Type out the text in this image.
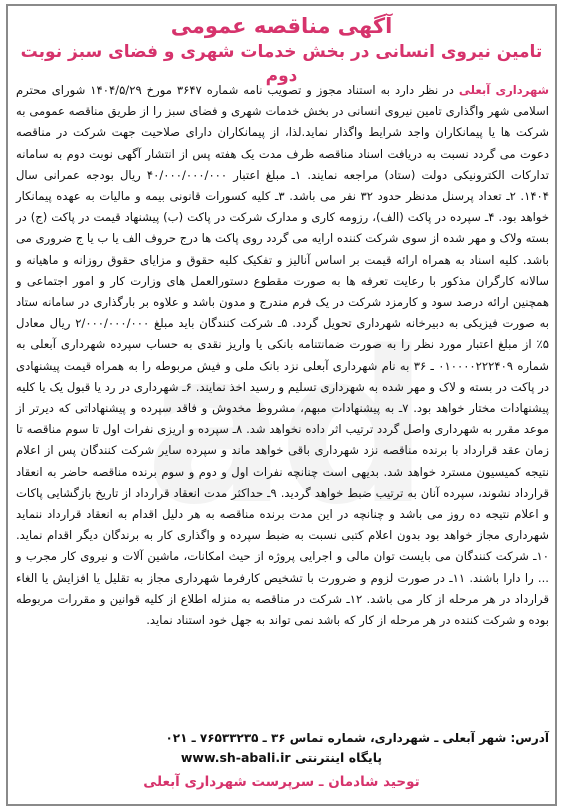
آگهی مناقصه عمومی
تامین نیروی انسانی در بخش خدمات شهری و فضای سبز نوبت دوم
شهرداری آبعلی در نظر دارد به استناد مجوز و تصویب نامه شماره ۳۶۴۷ مورخ ۱۴۰۴/۵/۲۹ شورای محترم اسلامی شهر واگذاری تامین نیروی انسانی در بخش خدمات شهری و فضای سبز را از طریق مناقصه عمومی به شرکت ها یا پیمانکاران واجد شرایط واگذار نماید.لذا، از پیمانکاران دارای صلاحیت جهت شرکت در مناقصه دعوت می گردد نسبت به دریافت اسناد مناقصه ظرف مدت یک هفته پس از انتشار آگهی نوبت دوم به سامانه تدارکات الکترونیکی دولت (ستاد) مراجعه نمایند. ۱ـ مبلغ اعتبار ۴۰/۰۰۰/۰۰۰/۰۰۰ ریال بودجه عمرانی سال ۱۴۰۴. ۲ـ تعداد پرسنل مدنظر حدود ۳۲ نفر می باشد. ۳ـ کلیه کسورات قانونی بیمه و مالیات به عهده پیمانکار خواهد بود. ۴ـ سپرده در پاکت (الف)، رزومه کاری و مدارک شرکت در پاکت (ب) پیشنهاد قیمت در پاکت (ج) در بسته ولاک و مهر شده از سوی شرکت کننده ارایه می گردد روی پاکت ها درج حروف الف یا ب یا ج ضروری می باشد. کلیه اسناد به همراه ارائه قیمت بر اساس آنالیز و تفکیک کلیه حقوق و مزایای حقوق روزانه و ماهیانه و سالانه کارگران مذکور با رعایت تعرفه ها به صورت مقطوع دستورالعمل های وزارت کار و امور اجتماعی و همچنین ارائه درصد سود و کارمزد شرکت در یک فرم مندرج و مدون باشد و علاوه بر بارگذاری در سامانه ستاد به صورت فیزیکی به دبیرخانه شهرداری تحویل گردد. ۵ـ شرکت کنندگان باید مبلغ ۲/۰۰۰/۰۰۰/۰۰۰ ریال معادل ۵٪ از مبلغ اعتبار مورد نظر را به صورت ضمانتنامه بانکی یا واریز نقدی به حساب سپرده شهرداری آبعلی به شماره ۰۱۰۰۰۰۲۲۲۴۰۹ ـ ۳۶ به نام شهرداری آبعلی نزد بانک ملی و فیش مربوطه را به همراه قیمت پیشنهادی در پاکت در بسته و لاک و مهر شده به شهرداری تسلیم و رسید اخذ نمایند. ۶ـ شهرداری در رد یا قبول یک یا کلیه پیشنهادات مختار خواهد بود. ۷ـ به پیشنهادات مبهم، مشروط مخدوش و فاقد سپرده و پیشنهاداتی که دیرتر از موعد مقرر به شهرداری واصل گردد ترتیب اثر داده نخواهد شد. ۸ـ سپرده و اریزی نفرات اول تا سوم مناقصه تا زمان عقد قرارداد با برنده مناقصه نزد شهرداری باقی خواهد ماند و سپرده سایر شرکت کنندگان پس از اعلام نتیجه کمیسیون مسترد خواهد شد. بدیهی است چنانچه نفرات اول و دوم و سوم برنده مناقصه حاضر به انعقاد قرارداد نشوند، سپرده آنان به ترتیب ضبط خواهد گردید. ۹ـ حداکثر مدت انعقاد قرارداد از تاریخ بازگشایی پاکات و اعلام نتیجه ده روز می باشد و چنانچه در این مدت برنده مناقصه به هر دلیل اقدام به انعقاد قرارداد ننماید شهرداری مجاز خواهد بود بدون اعلام کتبی نسبت به ضبط سپرده و واگذاری کار به برندگان دیگر اقدام نماید. ۱۰ـ شرکت کنندگان می بایست توان مالی و اجرایی پروژه از حیث امکانات، ماشین آلات و نیروی کار مجرب و ... را دارا باشند. ۱۱ـ در صورت لزوم و ضرورت با تشخیص کارفرما شهرداری مجاز به تقلیل یا افزایش یا الغاء قرارداد در هر مرحله از کار می باشد. ۱۲ـ شرکت در مناقصه به منزله اطلاع از کلیه قوانین و مقررات مربوطه بوده و شرکت کننده در هر مرحله از کار که باشد نمی تواند به جهل خود استناد نماید.
آدرس: شهر آبعلی ـ شهرداری، شماره تماس ۳۶ ـ ۷۶۵۳۳۲۳۵ ـ ۰۲۱
پایگاه اینترنتی www.sh-abali.ir
توحید شادمان ـ سرپرست شهرداری آبعلی
